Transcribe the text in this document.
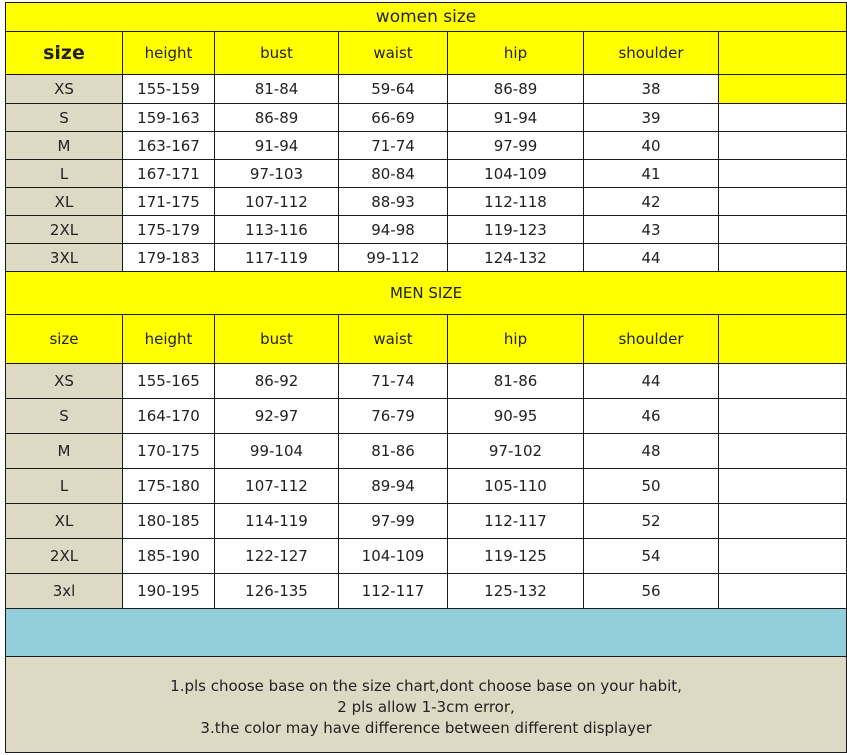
women size						
size	height	bust	waist	hip	shoulder	
XS	155-159	81-84	59-64	86-89	38	
S	159-163	86-89	66-69	91-94	39	
M	163-167	91-94	71-74	97-99	40	
L	167-171	97-103	80-84	104-109	41	
XL	171-175	107-112	88-93	112-118	42	
2XL	175-179	113-116	94-98	119-123	43	
3XL	179-183	117-119	99-112	124-132	44	
MEN SIZE						
size	height	bust	waist	hip	shoulder	
XS	155-165	86-92	71-74	81-86	44	
S	164-170	92-97	76-79	90-95	46	
M	170-175	99-104	81-86	97-102	48	
L	175-180	107-112	89-94	105-110	50	
XL	180-185	114-119	97-99	112-117	52	
2XL	185-190	122-127	104-109	119-125	54	
3xl	190-195	126-135	112-117	125-132	56	

1.pls choose base on the size chart,dont choose base on your habit,
2 pls allow 1-3cm error,
3.the color may have difference between different displayer						
